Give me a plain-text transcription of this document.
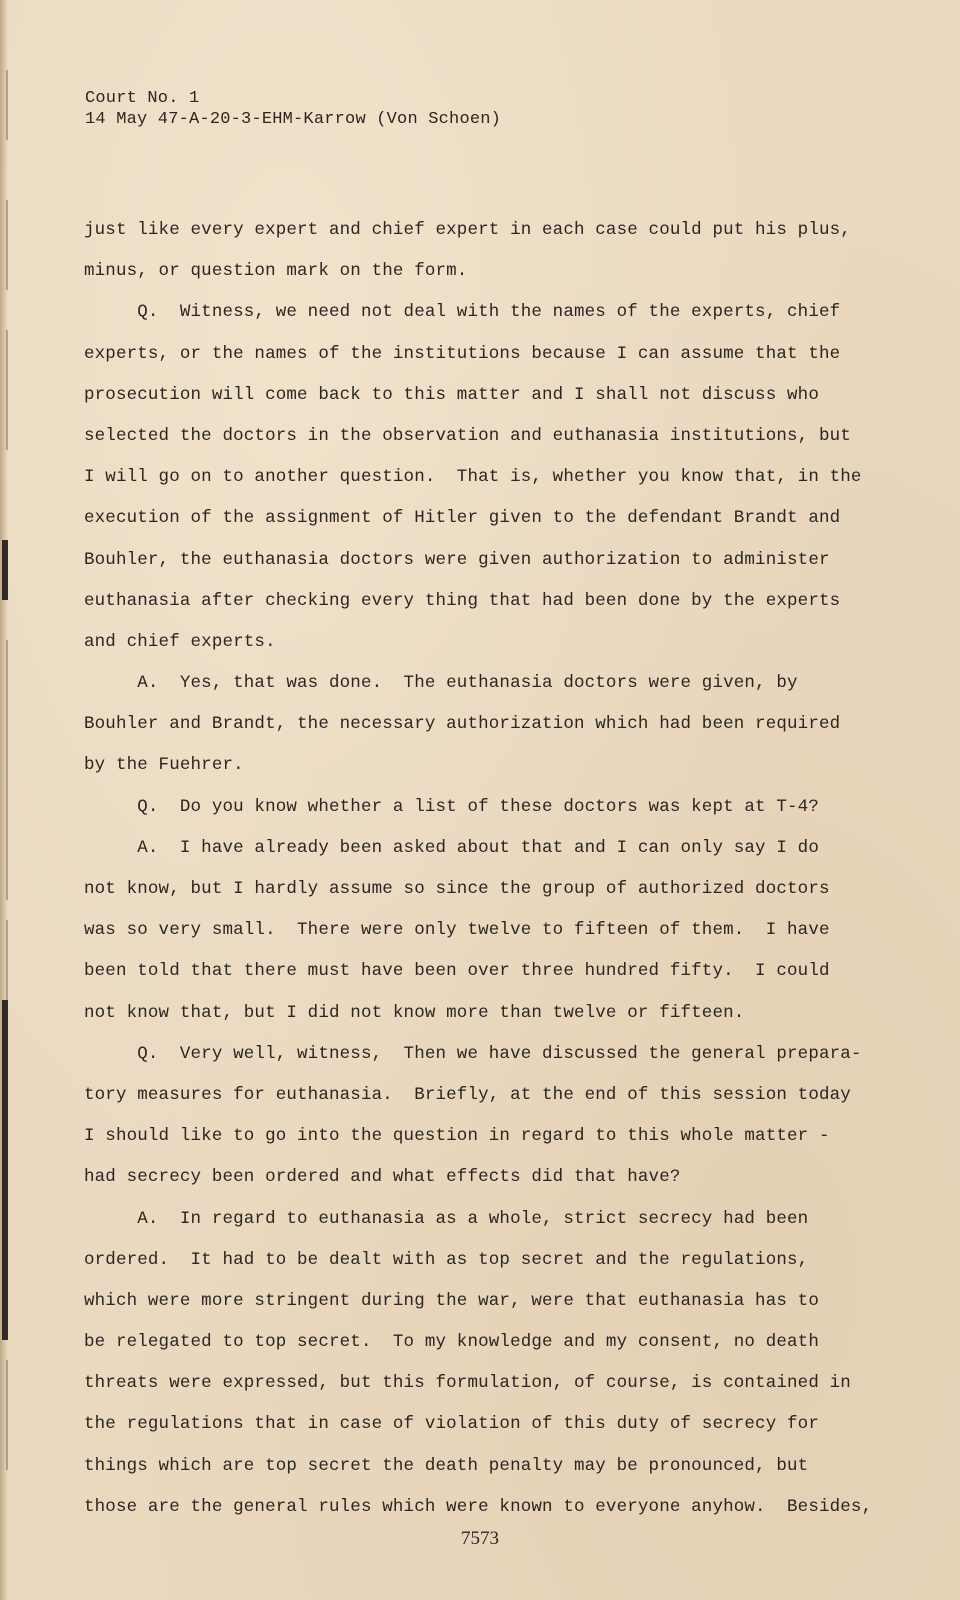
Court No. 1
14 May 47-A-20-3-EHM-Karrow (Von Schoen)
just like every expert and chief expert in each case could put his plus,
minus, or question mark on the form.
Q.  Witness, we need not deal with the names of the experts, chief
experts, or the names of the institutions because I can assume that the
prosecution will come back to this matter and I shall not discuss who
selected the doctors in the observation and euthanasia institutions, but
I will go on to another question.  That is, whether you know that, in the
execution of the assignment of Hitler given to the defendant Brandt and
Bouhler, the euthanasia doctors were given authorization to administer
euthanasia after checking every thing that had been done by the experts
and chief experts.
A.  Yes, that was done.  The euthanasia doctors were given, by
Bouhler and Brandt, the necessary authorization which had been required
by the Fuehrer.
Q.  Do you know whether a list of these doctors was kept at T-4?
A.  I have already been asked about that and I can only say I do
not know, but I hardly assume so since the group of authorized doctors
was so very small.  There were only twelve to fifteen of them.  I have
been told that there must have been over three hundred fifty.  I could
not know that, but I did not know more than twelve or fifteen.
Q.  Very well, witness,  Then we have discussed the general prepara-
tory measures for euthanasia.  Briefly, at the end of this session today
I should like to go into the question in regard to this whole matter -
had secrecy been ordered and what effects did that have?
A.  In regard to euthanasia as a whole, strict secrecy had been
ordered.  It had to be dealt with as top secret and the regulations,
which were more stringent during the war, were that euthanasia has to
be relegated to top secret.  To my knowledge and my consent, no death
threats were expressed, but this formulation, of course, is contained in
the regulations that in case of violation of this duty of secrecy for
things which are top secret the death penalty may be pronounced, but
those are the general rules which were known to everyone anyhow.  Besides,
7573
